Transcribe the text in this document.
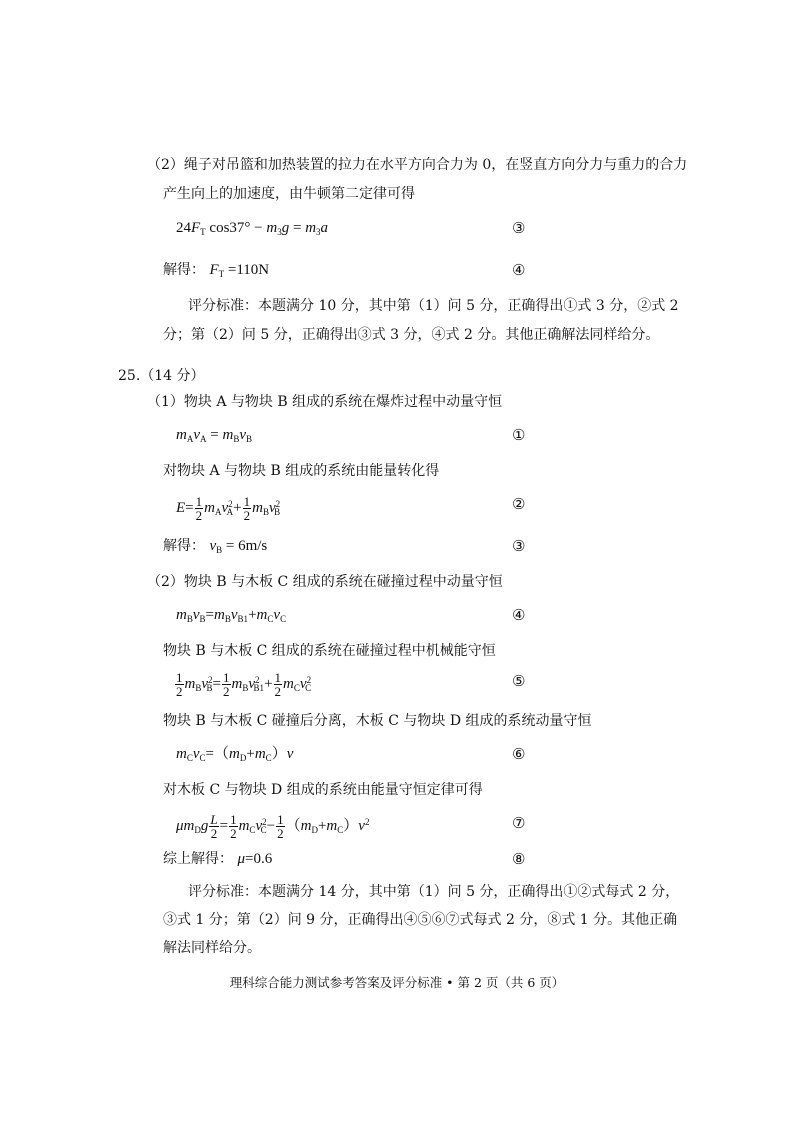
（2）绳子对吊篮和加热装置的拉力在水平方向合力为 0，在竖直方向分力与重力的合力
产生向上的加速度，由牛顿第二定律可得
$24F_T$ $\cos 37^\circ - m_3g = m_3a$	③
解得： $F_T =110N$	④
评分标准：本题满分 10 分，其中第（1）问 5 分，正确得出①式 3 分，②式 2
分；第（2）问 5 分，正确得出③式 3 分，④式 2 分。其他正确解法同样给分。
25.（14 分）
（1）物块 A 与物块 B 组成的系统在爆炸过程中动量守恒
$m_Av_A = m_Bv_B$	①
对物块 A 与物块 B 组成的系统由能量转化得
$E= \frac{1}{2} m_Av^2_A+ \frac{1}{2} m_Bv^2_B$	②
解得： $v_B = 6m/s$	③
（2）物块 B 与木板 C 组成的系统在碰撞过程中动量守恒
$m_Bv_B=m_Bv_{B1}+m_Cv_C$	④
物块 B 与木板 C 组成的系统在碰撞过程中机械能守恒
$\frac{1}{2} m_Bv^2_B= \frac{1}{2} m_Bv^2_{B1}+ \frac{1}{2} m_Cv^2_C$	⑤
物块 B 与木板 C 碰撞后分离，木板 C 与物块 D 组成的系统动量守恒
$m_Cv_C=(m_D+m_C)v$	⑥
对木板 C 与物块 D 组成的系统由能量守恒定律可得
$\mu m_Dg \frac{L}{2} = \frac{1}{2} m_Cv^2_C- \frac{1}{2} (m_D+m_C)v^2$	⑦
综上解得： μ=0.6	⑧
评分标准：本题满分 14 分，其中第（1）问 5 分，正确得出①②式每式 2 分，
③式 1 分；第（2）问 9 分，正确得出④⑤⑥⑦式每式 2 分，⑧式 1 分。其他正确
解法同样给分。
理科综合能力测试参考答案及评分标准 • 第 2 页（共 6 页）
